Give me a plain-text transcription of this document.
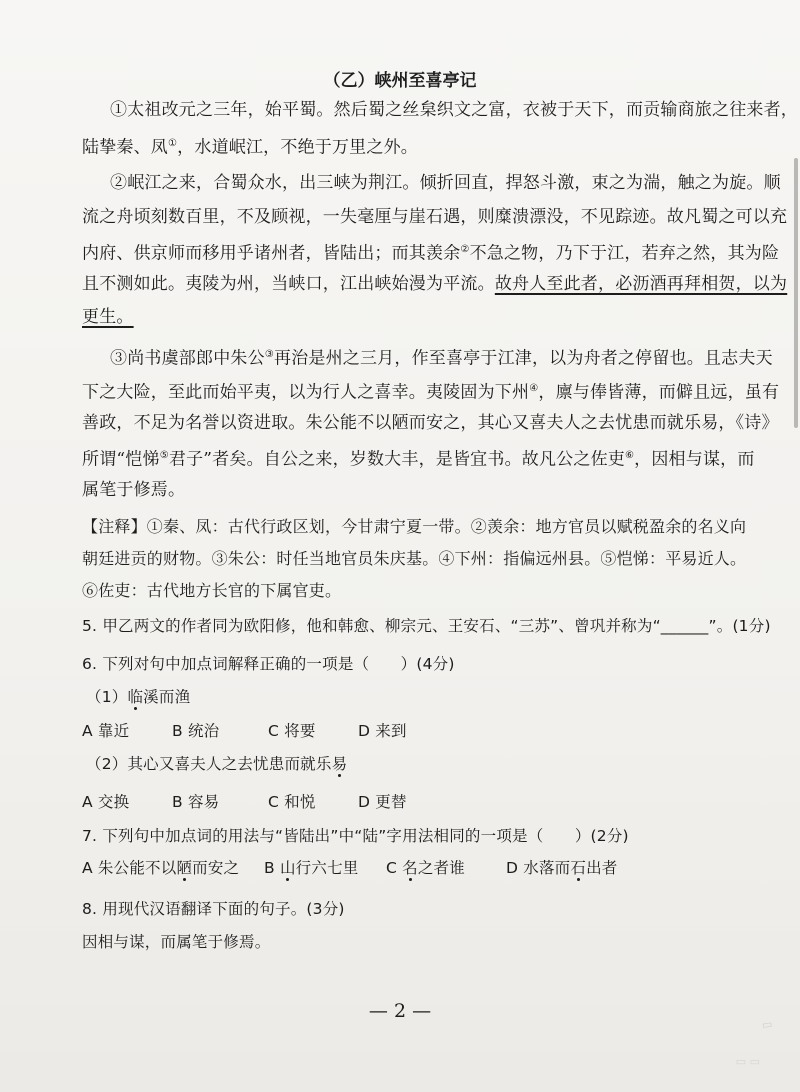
（乙）峡州至喜亭记
①太祖改元之三年，始平蜀。然后蜀之丝枲织文之富，衣被于天下，而贡输商旅之往来者，
陆挚秦、凤①，水道岷江，不绝于万里之外。
②岷江之来，合蜀众水，出三峡为荆江。倾折回直，捍怒斗激，束之为湍，触之为旋。顺
流之舟顷刻数百里，不及顾视，一失毫厘与崖石遇，则糜溃漂没，不见踪迹。故凡蜀之可以充
内府、供京师而移用乎诸州者，皆陆出；而其羡余②不急之物，乃下于江，若弃之然，其为险
且不测如此。夷陵为州，当峡口，江出峡始漫为平流。故舟人至此者，必沥酒再拜相贺，以为
更生。
③尚书虞部郎中朱公③再治是州之三月，作至喜亭于江津，以为舟者之停留也。且志夫天
下之大险，至此而始平夷，以为行人之喜幸。夷陵固为下州④，廪与俸皆薄，而僻且远，虽有
善政，不足为名誉以资进取。朱公能不以陋而安之，其心又喜夫人之去忧患而就乐易，《诗》
所谓“恺悌⑤君子”者矣。自公之来，岁数大丰，是皆宜书。故凡公之佐吏⑥，因相与谋，而
属笔于修焉。
【注释】①秦、凤：古代行政区划，今甘肃宁夏一带。②羡余：地方官员以赋税盈余的名义向
朝廷进贡的财物。③朱公：时任当地官员朱庆基。④下州：指偏远州县。⑤恺悌：平易近人。
⑥佐吏：古代地方长官的下属官吏。
5. 甲乙两文的作者同为欧阳修，他和韩愈、柳宗元、王安石、“三苏”、曾巩并称为“______”。(1分)
6. 下列对句中加点词解释正确的一项是（　　）(4分)
（1）临溪而渔
A 靠近	B 统治	C 将要	D 来到
（2）其心又喜夫人之去忧患而就乐易
A 交换	B 容易	C 和悦	D 更替
7. 下列句中加点词的用法与“皆陆出”中“陆”字用法相同的一项是（　　）(2分)
A 朱公能不以陋而安之 B 山行六七里 C 名之者谁	D 水落而石出者
8. 用现代汉语翻译下面的句子。(3分)
因相与谋，而属笔于修焉。
— 2 —
▭
▭ ▭
